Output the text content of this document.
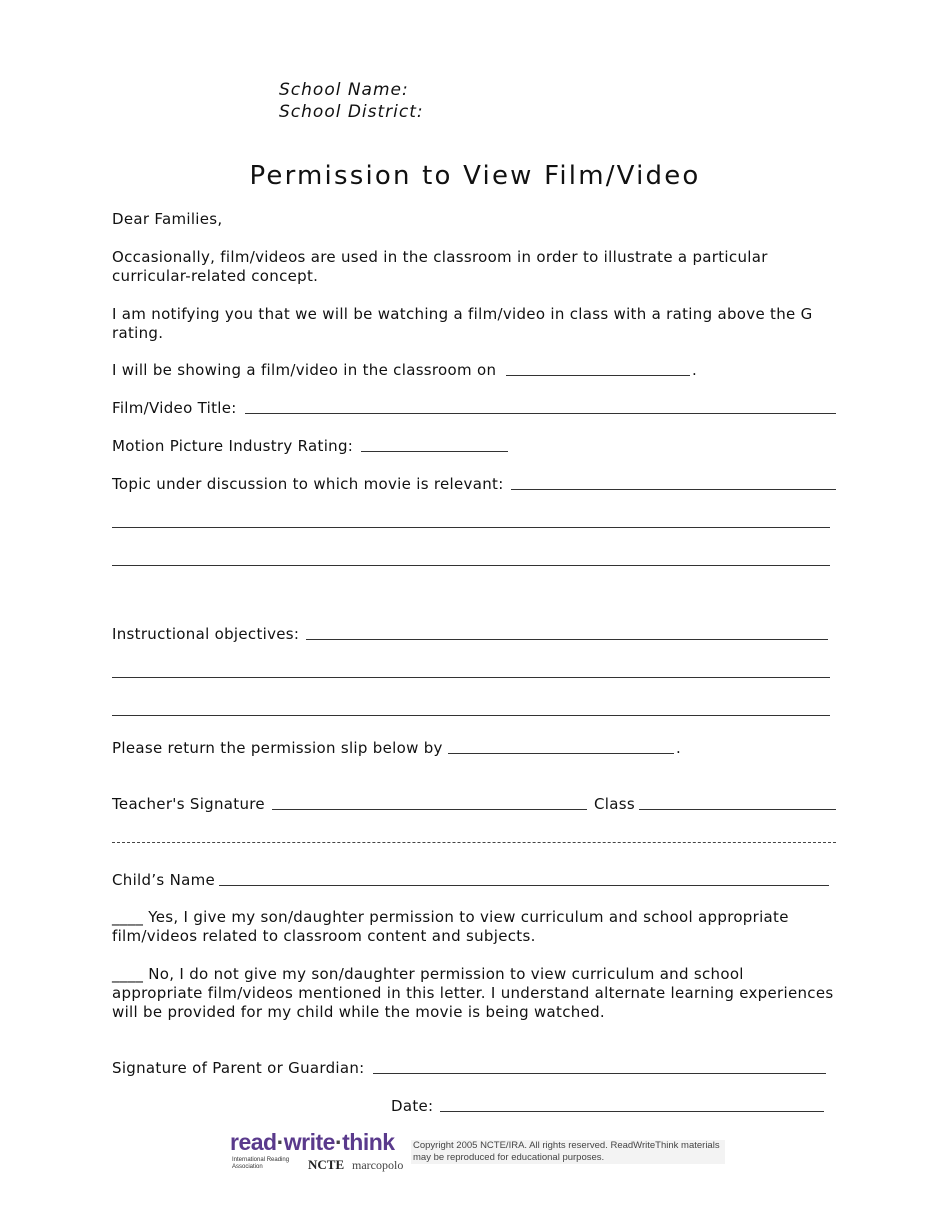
School Name:
School District:
Permission to View Film/Video
Dear Families,
Occasionally, film/videos are used in the classroom in order to illustrate a particular curricular-related concept.
I am notifying you that we will be watching a film/video in class with a rating above the G rating.
I will be showing a film/video in the classroom on	.
Film/Video Title:
Motion Picture Industry Rating:
Topic under discussion to which movie is relevant:
Instructional objectives:
Please return the permission slip below by	.
Teacher's Signature	Class
Child’s Name
____ Yes, I give my son/daughter permission to view curriculum and school appropriate film/videos related to classroom content and subjects.
____ No, I do not give my son/daughter permission to view curriculum and school appropriate film/videos mentioned in this letter. I understand alternate learning experiences will be provided for my child while the movie is being watched.
Signature of Parent or Guardian:
Date:
read·write·think
International Reading Association	NCTE marcopolo
Copyright 2005 NCTE/IRA. All rights reserved. ReadWriteThink materials may be reproduced for educational purposes.
